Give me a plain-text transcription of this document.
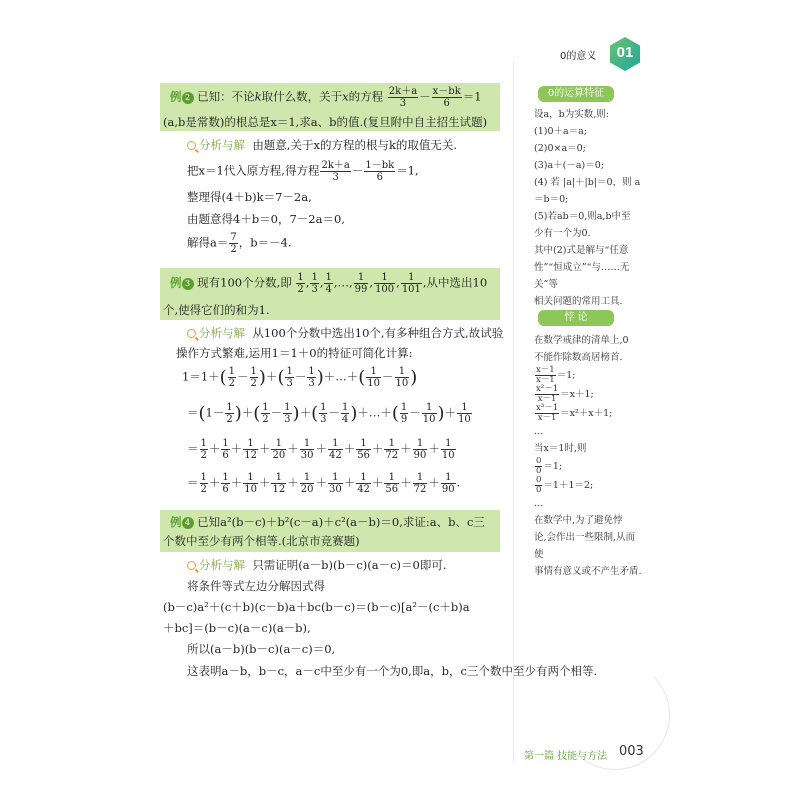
0的意义	01
例 2 已知：不论k取什么数，关于x的方程 $\frac{2k+a}{3} - \frac{x-bk}{6} =1$
(a,b是常数)的根总是x＝1,求a、b的值.(复旦附中自主招生试题)
分析与解 由题意,关于x的方程的根与k的取值无关.
把x＝1代入原方程,得方程 $\frac{2k+a}{3} - \frac{1-bk}{6} =1$,
整理得(4＋b)k＝7－2a,
由题意得4＋b＝0，7－2a＝0,
解得$a= \frac{7}{2}$ ，b＝－4.
例 3 现有100个分数,即 $\frac{1}{2}$ , $\frac{1}{3}$ , $\frac{1}{4}$ ,…, $\frac{1}{99}$ , $\frac{1}{100}$ , $\frac{1}{101}$ ,从中选出10
个,使得它们的和为1.
分析与解 从100个分数中选出10个,有多种组合方式,故试验
操作方式繁难,运用1＝1＋0的特征可简化计算:
$1=1+( \frac{1}{2} - \frac{1}{2}$ )＋( $\frac{1}{3} - \frac{1}{3}$ )＋…＋( $\frac{1}{10} - \frac{1}{10}$ )
$=(1- \frac{1}{2}$ )＋( $\frac{1}{2} - \frac{1}{3}$ )＋( $\frac{1}{3} - \frac{1}{4}$ )＋…＋( $\frac{1}{9} - \frac{1}{10}$ )＋ $\frac{1}{10}$
＝ $\frac{1}{2} + \frac{1}{6} + \frac{1}{12} + \frac{1}{20} + \frac{1}{30} + \frac{1}{42} + \frac{1}{56} + \frac{1}{72} + \frac{1}{90} + \frac{1}{10}$
＝ $\frac{1}{2} + \frac{1}{6} + \frac{1}{10} + \frac{1}{12} + \frac{1}{20} + \frac{1}{30} + \frac{1}{42} + \frac{1}{56} + \frac{1}{72} + \frac{1}{90}$ .
例 4 已知a²(b－c)＋b²(c－a)＋c²(a－b)＝0,求证:a、b、c三
个数中至少有两个相等.(北京市竞赛题)
分析与解 只需证明(a－b)(b－c)(a－c)＝0即可.
将条件等式左边分解因式得
(b－c)a²＋(c＋b)(c－b)a＋bc(b－c)＝(b－c)[a²－(c＋b)a
＋bc]＝(b－c)(a－c)(a－b),
所以(a－b)(b－c)(a－c)＝0,
这表明a－b，b－c，a－c中至少有一个为0,即a，b，c三个数中至少有两个相等.
0的运算特征
设a，b为实数,则:
(1)0＋a＝a;
(2)0×a＝0;
(3)a＋(－a)＝0;
(4) 若 |a|＋|b|＝0，则 a
＝b＝0;
(5)若ab＝0,则a,b中至
少有一个为0.
其中(2)式是解与“任意
性”“恒成立”“与……无关”等
相关问题的常用工具.
悖 论
在数学戒律的清单上,0
不能作除数高居榜首.
$\frac{x-1}{x-1} =1$;
$\frac{\text{x²－1}}{x-1} =x+1$;
$\frac{\text{x³－1}}{x-1} =x^2+x+1$;
…
当x＝1时,则
$\frac{0}{0} =1$;
$\frac{0}{0} =1+1=2$;
…
在数学中,为了避免悖
论,会作出一些限制,从而使
事情有意义或不产生矛盾.
第一篇 技能与方法 003
